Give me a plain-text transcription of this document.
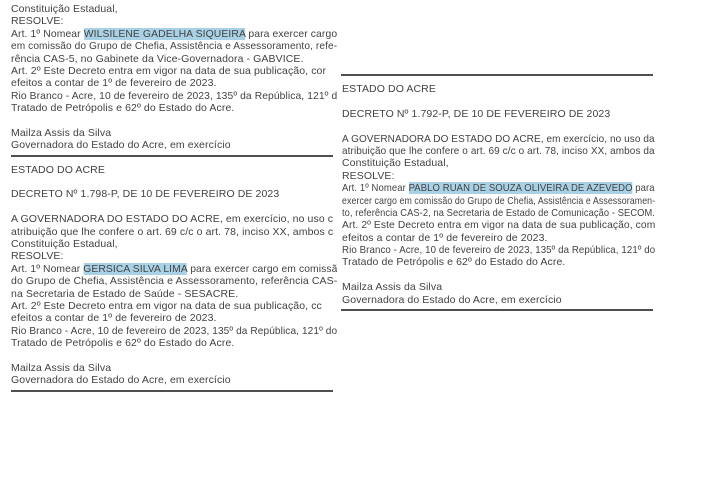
Constituição Estadual,
RESOLVE:
Art. 1º Nomear WILSILENE GADELHA SIQUEIRA para exercer cargo
em comissão do Grupo de Chefia, Assistência e Assessoramento, refe-
rência CAS-5, no Gabinete da Vice-Governadora - GABVICE.
Art. 2º Este Decreto entra em vigor na data de sua publicação, cor
efeitos a contar de 1º de fevereiro de 2023.
Rio Branco - Acre, 10 de fevereiro de 2023, 135º da República, 121º d
Tratado de Petrópolis e 62º do Estado do Acre.
Mailza Assis da Silva
Governadora do Estado do Acre, em exercício
ESTADO DO ACRE
DECRETO Nº 1.798-P, DE 10 DE FEVEREIRO DE 2023
A GOVERNADORA DO ESTADO DO ACRE, em exercício, no uso c
atribuição que lhe confere o art. 69 c/c o art. 78, inciso XX, ambos c
Constituição Estadual,
RESOLVE:
Art. 1º Nomear GERSICA SILVA LIMA para exercer cargo em comissã
do Grupo de Chefia, Assistência e Assessoramento, referência CAS-
na Secretaria de Estado de Saúde - SESACRE.
Art. 2º Este Decreto entra em vigor na data de sua publicação, cc
efeitos a contar de 1º de fevereiro de 2023.
Rio Branco - Acre, 10 de fevereiro de 2023, 135º da República, 121º do
Tratado de Petrópolis e 62º do Estado do Acre.
Mailza Assis da Silva
Governadora do Estado do Acre, em exercício
ESTADO DO ACRE
DECRETO Nº 1.792-P, DE 10 DE FEVEREIRO DE 2023
A GOVERNADORA DO ESTADO DO ACRE, em exercício, no uso da
atribuição que lhe confere o art. 69 c/c o art. 78, inciso XX, ambos da
Constituição Estadual,
RESOLVE:
Art. 1º Nomear PABLO RUAN DE SOUZA OLIVEIRA DE AZEVEDO para
exercer cargo em comissão do Grupo de Chefia, Assistência e Assessoramen-
to, referência CAS-2, na Secretaria de Estado de Comunicação - SECOM.
Art. 2º Este Decreto entra em vigor na data de sua publicação, com
efeitos a contar de 1º de fevereiro de 2023.
Rio Branco - Acre, 10 de fevereiro de 2023, 135º da República, 121º do
Tratado de Petrópolis e 62º do Estado do Acre.
Mailza Assis da Silva
Governadora do Estado do Acre, em exercício
